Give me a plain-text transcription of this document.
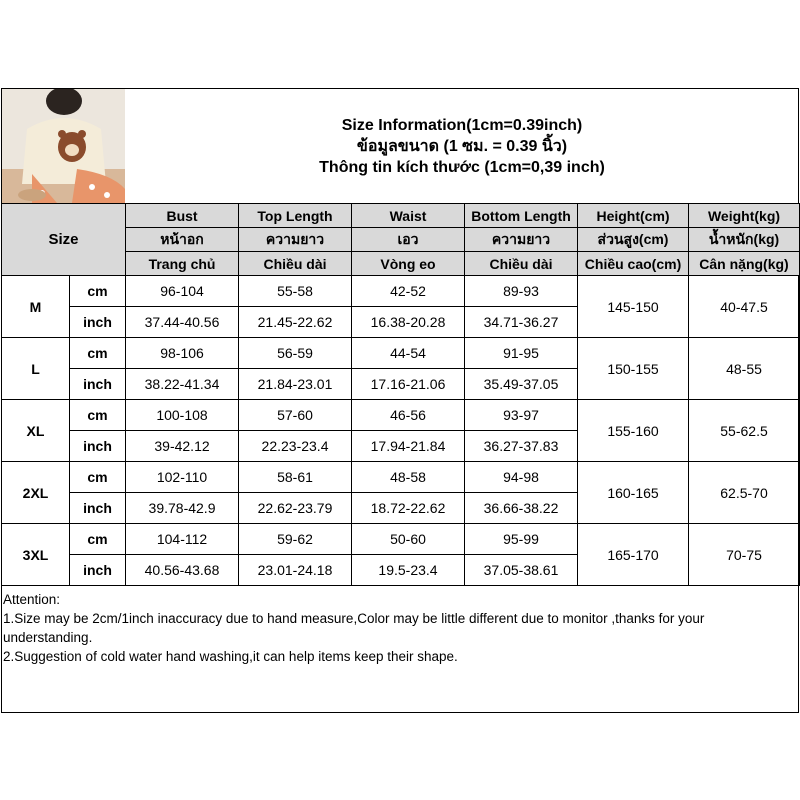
Size Information(1cm=0.39inch)
ข้อมูลขนาด (1 ซม. = 0.39 นิ้ว)
Thông tin kích thước (1cm=0,39 inch)
Size		Bust	Top Length	Waist	Bottom Length	Height(cm)	Weight(kg)
		หน้าอก	ความยาว	เอว	ความยาว	ส่วนสูง(cm)	น้ำหนัก(kg)
		Trang chủ	Chiều dài	Vòng eo	Chiều dài	Chiều cao(cm)	Cân nặng(kg)
M	cm	96-104	55-58	42-52	89-93	145-150	40-47.5
	inch	37.44-40.56	21.45-22.62	16.38-20.28	34.71-36.27		
L	cm	98-106	56-59	44-54	91-95	150-155	48-55
	inch	38.22-41.34	21.84-23.01	17.16-21.06	35.49-37.05		
XL	cm	100-108	57-60	46-56	93-97	155-160	55-62.5
	inch	39-42.12	22.23-23.4	17.94-21.84	36.27-37.83		
2XL	cm	102-110	58-61	48-58	94-98	160-165	62.5-70
	inch	39.78-42.9	22.62-23.79	18.72-22.62	36.66-38.22		
3XL	cm	104-112	59-62	50-60	95-99	165-170	70-75
	inch	40.56-43.68	23.01-24.18	19.5-23.4	37.05-38.61		
Attention:
1.Size may be 2cm/1inch inaccuracy due to hand measure,Color may be little different due to monitor ,thanks for your
understanding.
2.Suggestion of cold water hand washing,it can help items keep their shape.
